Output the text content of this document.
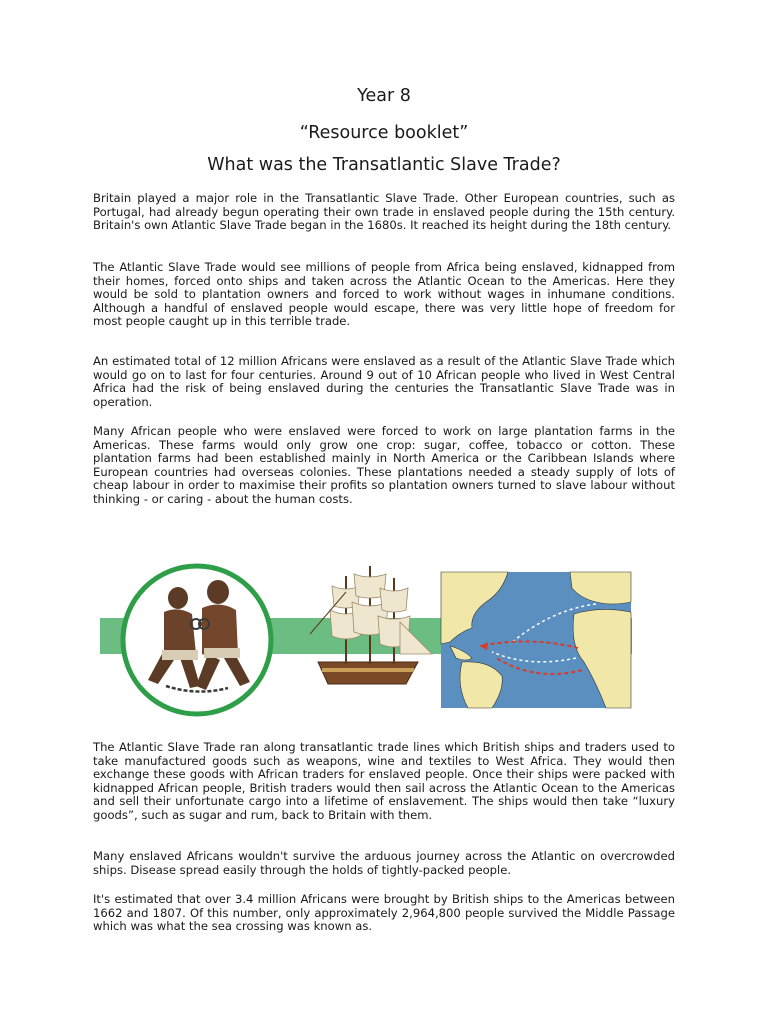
Year 8
“Resource booklet”
What was the Transatlantic Slave Trade?

Britain played a major role in the Transatlantic Slave Trade. Other European countries, such as Portugal, had already begun operating their own trade in enslaved people during the 15th century. Britain's own Atlantic Slave Trade began in the 1680s. It reached its height during the 18th century.

The Atlantic Slave Trade would see millions of people from Africa being enslaved, kidnapped from their homes, forced onto ships and taken across the Atlantic Ocean to the Americas. Here they would be sold to plantation owners and forced to work without wages in inhumane conditions. Although a handful of enslaved people would escape, there was very little hope of freedom for most people caught up in this terrible trade.

An estimated total of 12 million Africans were enslaved as a result of the Atlantic Slave Trade which would go on to last for four centuries. Around 9 out of 10 African people who lived in West Central Africa had the risk of being enslaved during the centuries the Transatlantic Slave Trade was in operation.

Many African people who were enslaved were forced to work on large plantation farms in the Americas. These farms would only grow one crop: sugar, coffee, tobacco or cotton. These plantation farms had been established mainly in North America or the Caribbean Islands where European countries had overseas colonies. These plantations needed a steady supply of lots of cheap labour in order to maximise their profits so plantation owners turned to slave labour without thinking - or caring - about the human costs.

The Atlantic Slave Trade ran along transatlantic trade lines which British ships and traders used to take manufactured goods such as weapons, wine and textiles to West Africa. They would then exchange these goods with African traders for enslaved people. Once their ships were packed with kidnapped African people, British traders would then sail across the Atlantic Ocean to the Americas and sell their unfortunate cargo into a lifetime of enslavement. The ships would then take “luxury goods”, such as sugar and rum, back to Britain with them.

Many enslaved Africans wouldn't survive the arduous journey across the Atlantic on overcrowded ships. Disease spread easily through the holds of tightly-packed people.

It's estimated that over 3.4 million Africans were brought by British ships to the Americas between 1662 and 1807. Of this number, only approximately 2,964,800 people survived the Middle Passage which was what the sea crossing was known as.
